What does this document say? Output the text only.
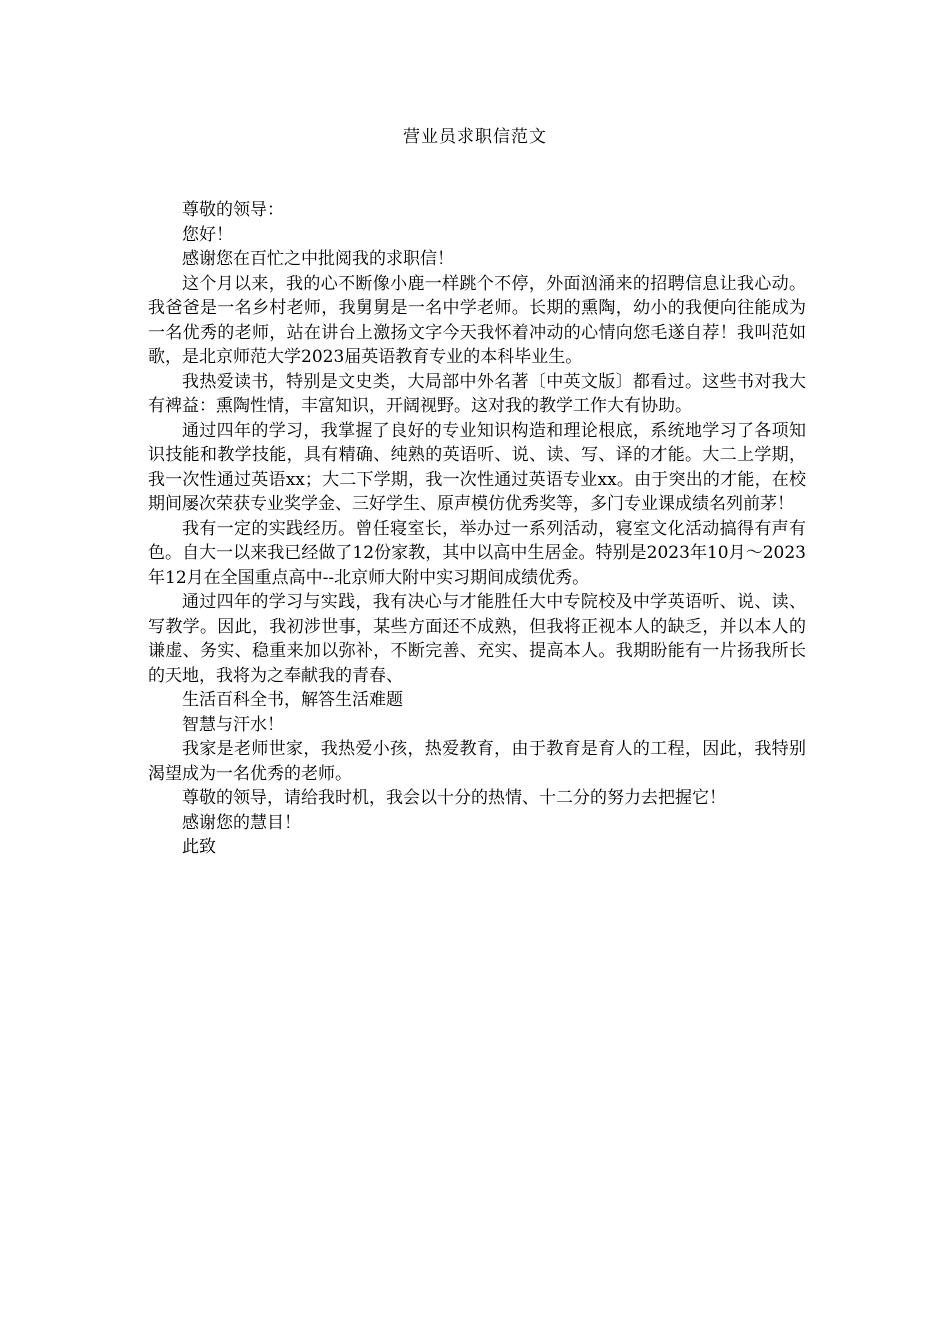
营业员求职信范文

尊敬的领导：

您好！

感谢您在百忙之中批阅我的求职信！

这个月以来，我的心不断像小鹿一样跳个不停，外面汹涌来的招聘信息让我心动。我爸爸是一名乡村老师，我舅舅是一名中学老师。长期的熏陶，幼小的我便向往能成为一名优秀的老师，站在讲台上激扬文字今天我怀着冲动的心情向您毛遂自荐！我叫范如歌，是北京师范大学2023届英语教育专业的本科毕业生。

我热爱读书，特别是文史类，大局部中外名著〔中英文版〕都看过。这些书对我大有裨益：熏陶性情，丰富知识，开阔视野。这对我的教学工作大有协助。

通过四年的学习，我掌握了良好的专业知识构造和理论根底，系统地学习了各项知识技能和教学技能，具有精确、纯熟的英语听、说、读、写、译的才能。大二上学期，我一次性通过英语xx；大二下学期，我一次性通过英语专业xx。由于突出的才能，在校期间屡次荣获专业奖学金、三好学生、原声模仿优秀奖等，多门专业课成绩名列前茅！

我有一定的实践经历。曾任寝室长，举办过一系列活动，寝室文化活动搞得有声有色。自大一以来我已经做了12份家教，其中以高中生居金。特别是2023年10月～2023年12月在全国重点高中--北京师大附中实习期间成绩优秀。

通过四年的学习与实践，我有决心与才能胜任大中专院校及中学英语听、说、读、写教学。因此，我初涉世事，某些方面还不成熟，但我将正视本人的缺乏，并以本人的谦虚、务实、稳重来加以弥补，不断完善、充实、提高本人。我期盼能有一片扬我所长的天地，我将为之奉献我的青春、

生活百科全书，解答生活难题

智慧与汗水！

我家是老师世家，我热爱小孩，热爱教育，由于教育是育人的工程，因此，我特别渴望成为一名优秀的老师。

尊敬的领导，请给我时机，我会以十分的热情、十二分的努力去把握它！

感谢您的慧目！

此致
